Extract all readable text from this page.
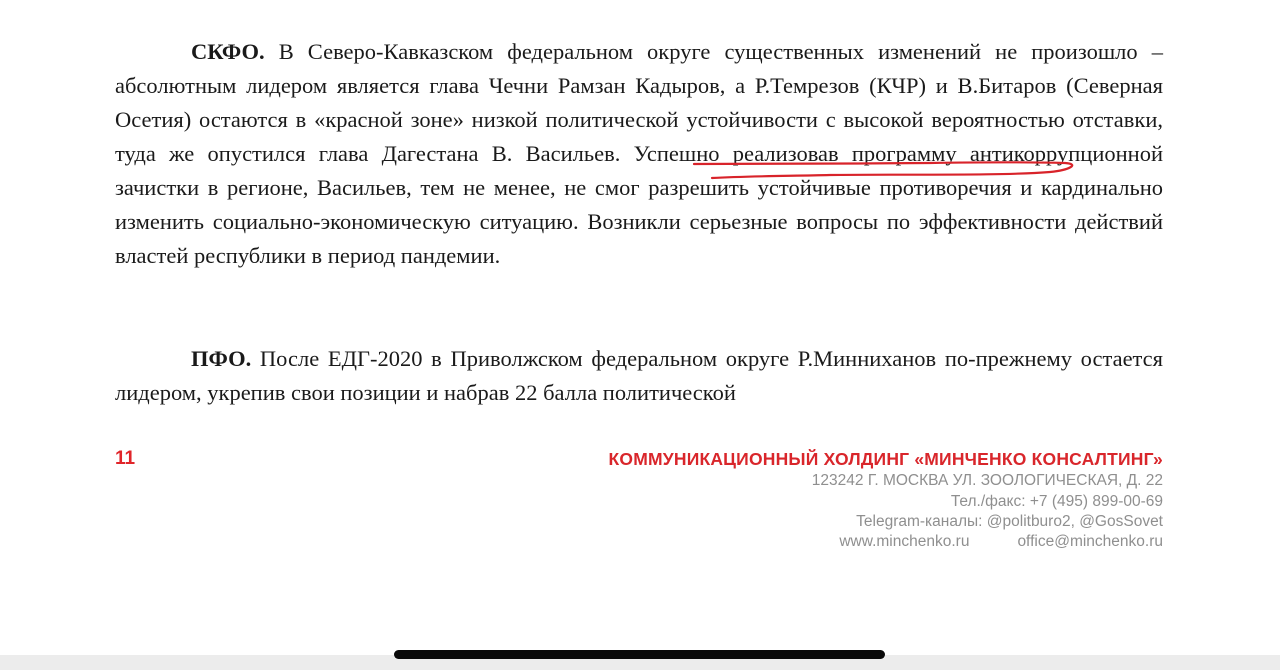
СКФО. В Северо-Кавказском федеральном округе существенных изменений не произошло – абсолютным лидером является глава Чечни Рамзан Кадыров, а Р.Темрезов (КЧР) и В.Битаров (Северная Осетия) остаются в «красной зоне» низкой политической устойчивости с высокой вероятностью отставки, туда же опустился глава Дагестана В. Васильев. Успешно реализовав программу антикоррупционной зачистки в регионе, Васильев, тем не менее, не смог разрешить устойчивые противоречия и кардинально изменить социально-экономическую ситуацию. Возникли серьезные вопросы по эффективности действий властей республики в период пандемии.

ПФО. После ЕДГ-2020 в Приволжском федеральном округе Р.Минниханов по-прежнему остается лидером, укрепив свои позиции и набрав 22 балла политической

11	КОММУНИКАЦИОННЫЙ ХОЛДИНГ «МИНЧЕНКО КОНСАЛТИНГ»
123242 Г. МОСКВА УЛ. ЗООЛОГИЧЕСКАЯ, Д. 22
Тел./факс: +7 (495) 899-00-69
Telegram-каналы: @politburo2, @GosSovet
www.minchenko.ru	office@minchenko.ru
